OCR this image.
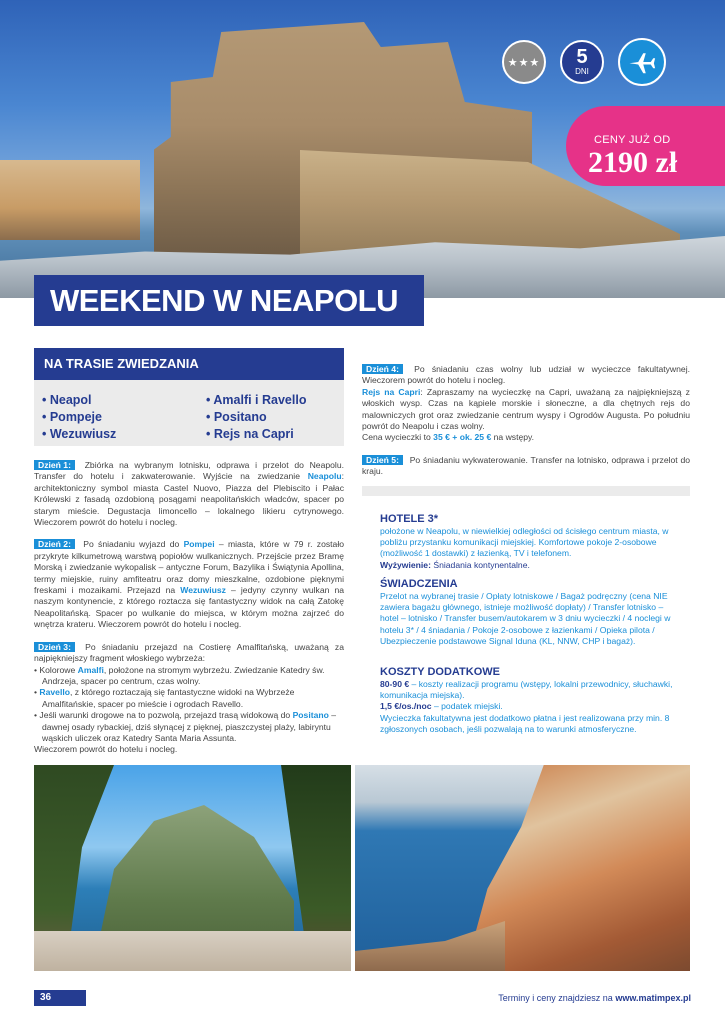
★★★ 5
DNI
CENY JUŻ OD
2190 zł
WEEKEND W NEAPOLU
NA TRASIE ZWIEDZANIA
• Neapol
• Pompeje
• Wezuwiusz
• Amalfi i Ravello
• Positano
• Rejs na Capri

Dzień 1: Zbiórka na wybranym lotnisku, odprawa i przelot do Neapolu. Transfer do hotelu i zakwaterowanie. Wyjście na zwiedzanie Neapolu: architektoniczny symbol miasta Castel Nuovo, Piazza del Plebiscito i Pałac Królewski z fasadą ozdobioną posągami neapolitańskich władców, spacer po starym mieście. Degustacja limoncello – lokalnego likieru cytrynowego. Wieczorem powrót do hotelu i nocleg.

Dzień 2: Po śniadaniu wyjazd do Pompei – miasta, które w 79 r. zostało przykryte kilkumetrową warstwą popiołów wulkanicznych. Przejście przez Bramę Morską i zwiedzanie wykopalisk – antyczne Forum, Bazylika i Świątynia Apollina, termy miejskie, ruiny amfiteatru oraz domy mieszkalne, ozdobione pięknymi freskami i mozaikami. Przejazd na Wezuwiusz – jedyny czynny wulkan na naszym kontynencie, z którego roztacza się fantastyczny widok na całą Zatokę Neapolitańską. Spacer po wulkanie do miejsca, w którym można zajrzeć do wnętrza krateru. Wieczorem powrót do hotelu i nocleg.

Dzień 3: Po śniadaniu przejazd na Costierę Amalfitańską, uważaną za najpiękniejszy fragment włoskiego wybrzeża:
• Kolorowe Amalfi, położone na stromym wybrzeżu. Zwiedzanie Katedry św. Andrzeja, spacer po centrum, czas wolny.
• Ravello, z którego roztaczają się fantastyczne widoki na Wybrzeże Amalfitańskie, spacer po mieście i ogrodach Ravello.
• Jeśli warunki drogowe na to pozwolą, przejazd trasą widokową do Positano – dawnej osady rybackiej, dziś słynącej z pięknej, piaszczystej plaży, labiryntu wąskich uliczek oraz Katedry Santa Maria Assunta.
Wieczorem powrót do hotelu i nocleg.

Dzień 4: Po śniadaniu czas wolny lub udział w wycieczce fakultatywnej. Wieczorem powrót do hotelu i nocleg.
Rejs na Capri: Zapraszamy na wycieczkę na Capri, uważaną za najpiękniejszą z włoskich wysp. Czas na kąpiele morskie i słoneczne, a dla chętnych rejs do malowniczych grot oraz zwiedzanie centrum wyspy i Ogrodów Augusta. Po południu powrót do Neapolu i czas wolny.
Cena wycieczki to 35 € + ok. 25 € na wstępy.

Dzień 5: Po śniadaniu wykwaterowanie. Transfer na lotnisko, odprawa i przelot do kraju.

HOTELE 3*
położone w Neapolu, w niewielkiej odległości od ścisłego centrum miasta, w pobliżu przystanku komunikacji miejskiej. Komfortowe pokoje 2-osobowe (możliwość 1 dostawki) z łazienką, TV i telefonem.
Wyżywienie: Śniadania kontynentalne.
ŚWIADCZENIA
Przelot na wybranej trasie / Opłaty lotniskowe / Bagaż podręczny (cena NIE zawiera bagażu głównego, istnieje możliwość dopłaty) / Transfer lotnisko – hotel – lotnisko / Transfer busem/autokarem w 3 dniu wycieczki / 4 noclegi w hotelu 3* / 4 śniadania / Pokoje 2-osobowe z łazienkami / Opieka pilota / Ubezpieczenie podstawowe Signal Iduna (KL, NNW, CHP i bagaż).
KOSZTY DODATKOWE
80-90 € – koszty realizacji programu (wstępy, lokalni przewodnicy, słuchawki, komunikacja miejska).
1,5 €/os./noc – podatek miejski.
Wycieczka fakultatywna jest dodatkowo płatna i jest realizowana przy min. 8 zgłoszonych osobach, jeśli pozwalają na to warunki atmosferyczne.
36	Terminy i ceny znajdziesz na www.matimpex.pl
